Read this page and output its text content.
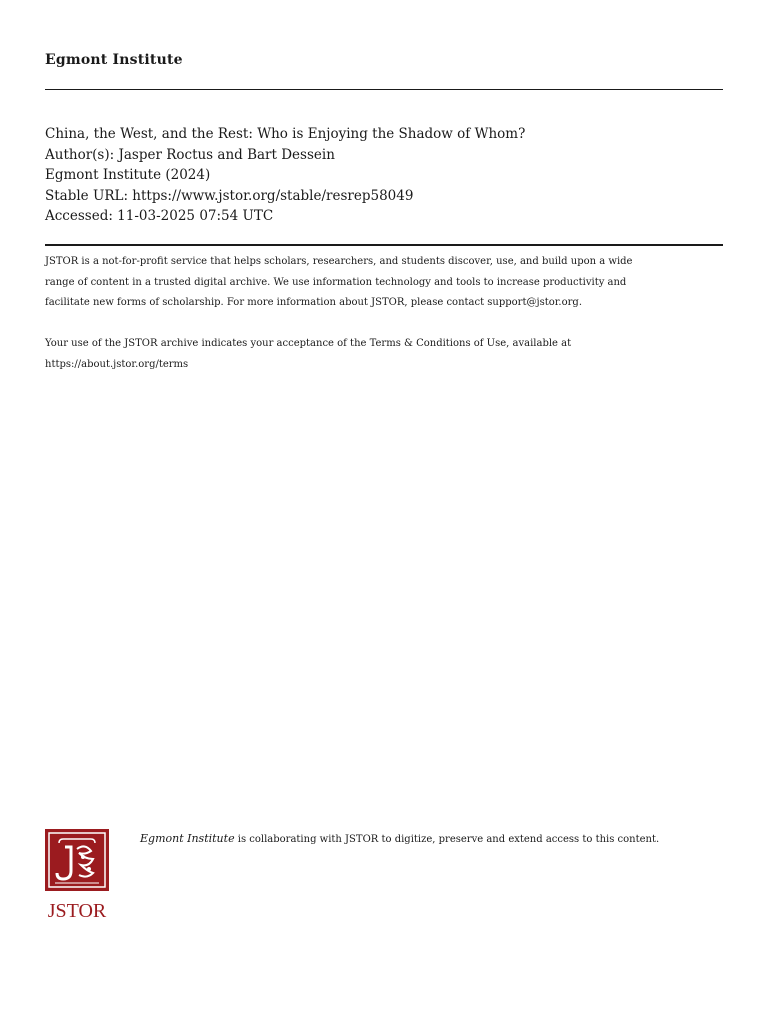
Egmont Institute
China, the West, and the Rest: Who is Enjoying the Shadow of Whom?
Author(s): Jasper Roctus and Bart Dessein
Egmont Institute (2024)
Stable URL: https://www.jstor.org/stable/resrep58049
Accessed: 11-03-2025 07:54 UTC
JSTOR is a not-for-profit service that helps scholars, researchers, and students discover, use, and build upon a wide
range of content in a trusted digital archive. We use information technology and tools to increase productivity and
facilitate new forms of scholarship. For more information about JSTOR, please contact support@jstor.org.
Your use of the JSTOR archive indicates your acceptance of the Terms & Conditions of Use, available at
https://about.jstor.org/terms
JSTOR
Egmont Institute is collaborating with JSTOR to digitize, preserve and extend access to this content.
